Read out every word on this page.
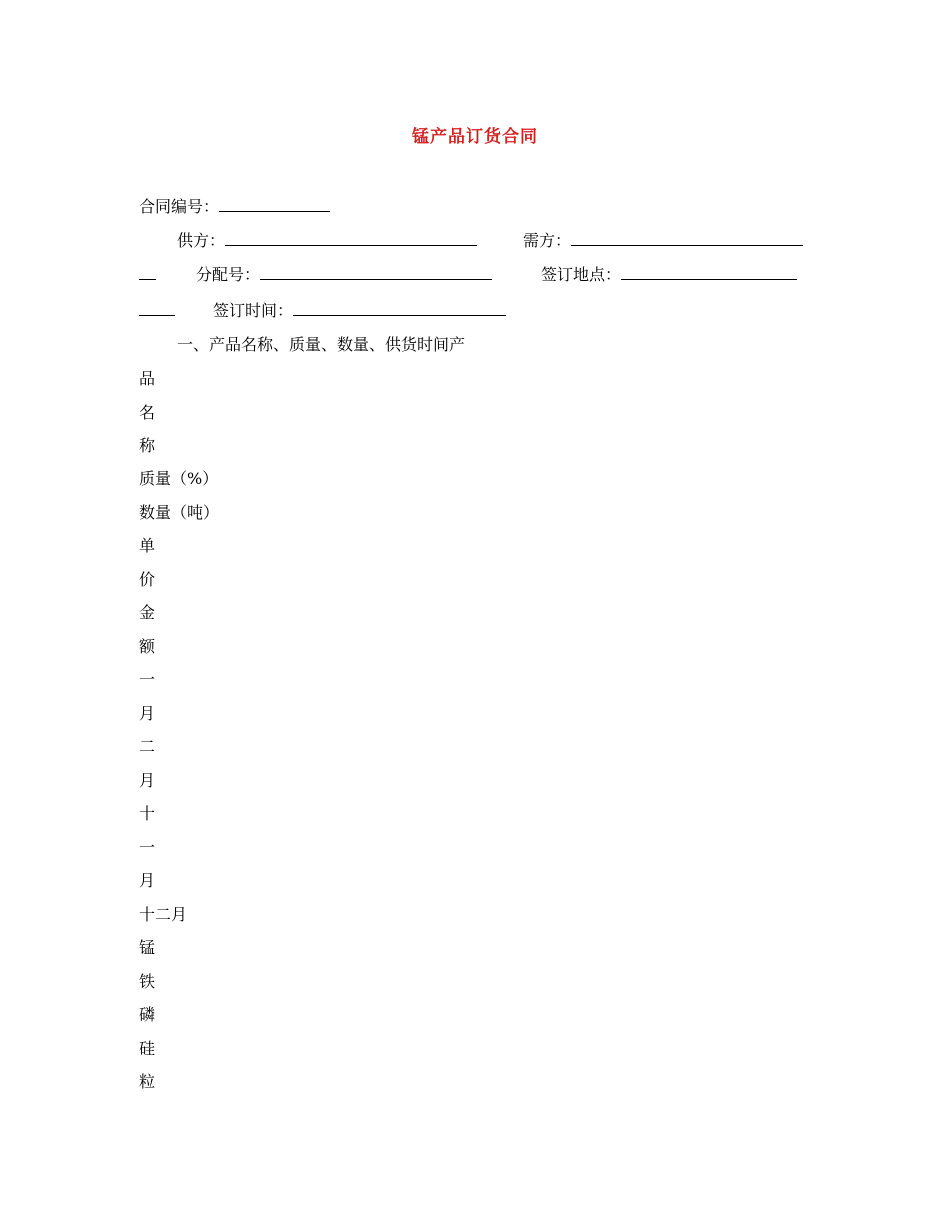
锰产品订货合同
合同编号：
供方：	需方：
分配号：	签订地点：
签订时间：
一、产品名称、质量、数量、供货时间产
品
名
称
质量（%）
数量（吨）
单
价
金
额
一
月
二
月
十
一
月
十二月
锰
铁
磷
硅
粒
